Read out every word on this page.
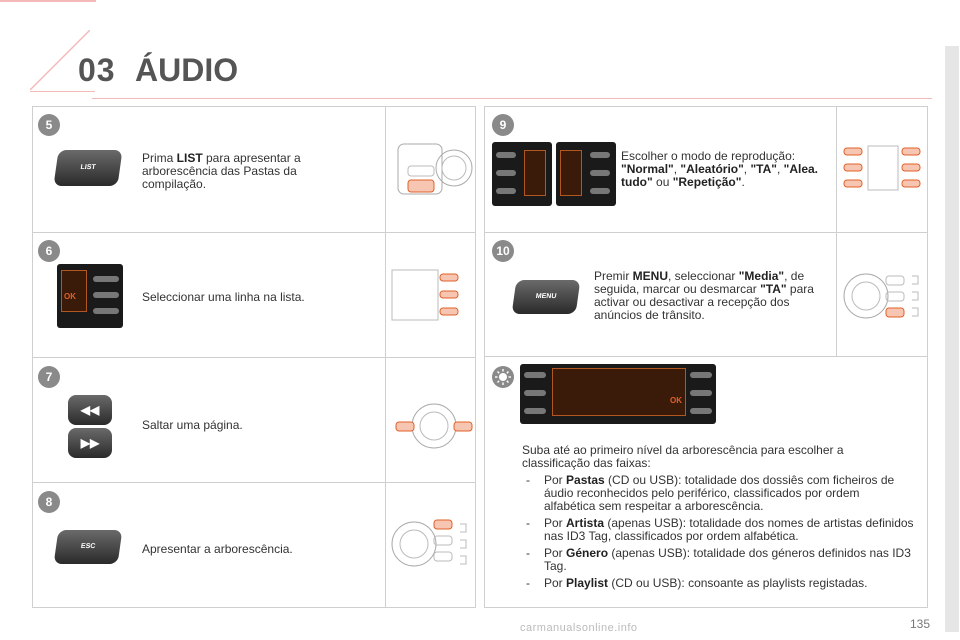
03 ÁUDIO
5
LIST
Prima LIST para apresentar a arborescência das Pastas da compilação.
6
OK	Seleccionar uma linha na lista.
7
◀◀
▶▶
Saltar uma página.
8
ESC	Apresentar a arborescência.
9
Escolher o modo de reprodução: "Normal", "Aleatório", "TA", "Alea. tudo" ou "Repetição".
10
MENU
Premir MENU, seleccionar "Media", de seguida, marcar ou desmarcar "TA" para activar ou desactivar a recepção dos anúncios de trânsito.
OK
Suba até ao primeiro nível da arborescência para escolher a classificação das faixas:
- Por Pastas (CD ou USB): totalidade dos dossiês com ficheiros de áudio reconhecidos pelo periférico, classificados por ordem alfabética sem respeitar a arborescência.
- Por Artista (apenas USB): totalidade dos nomes de artistas definidos nas ID3 Tag, classificados por ordem alfabética.
- Por Género (apenas USB): totalidade dos géneros definidos nas ID3 Tag.
- Por Playlist (CD ou USB): consoante as playlists registadas.
carmanualsonline.info	135
